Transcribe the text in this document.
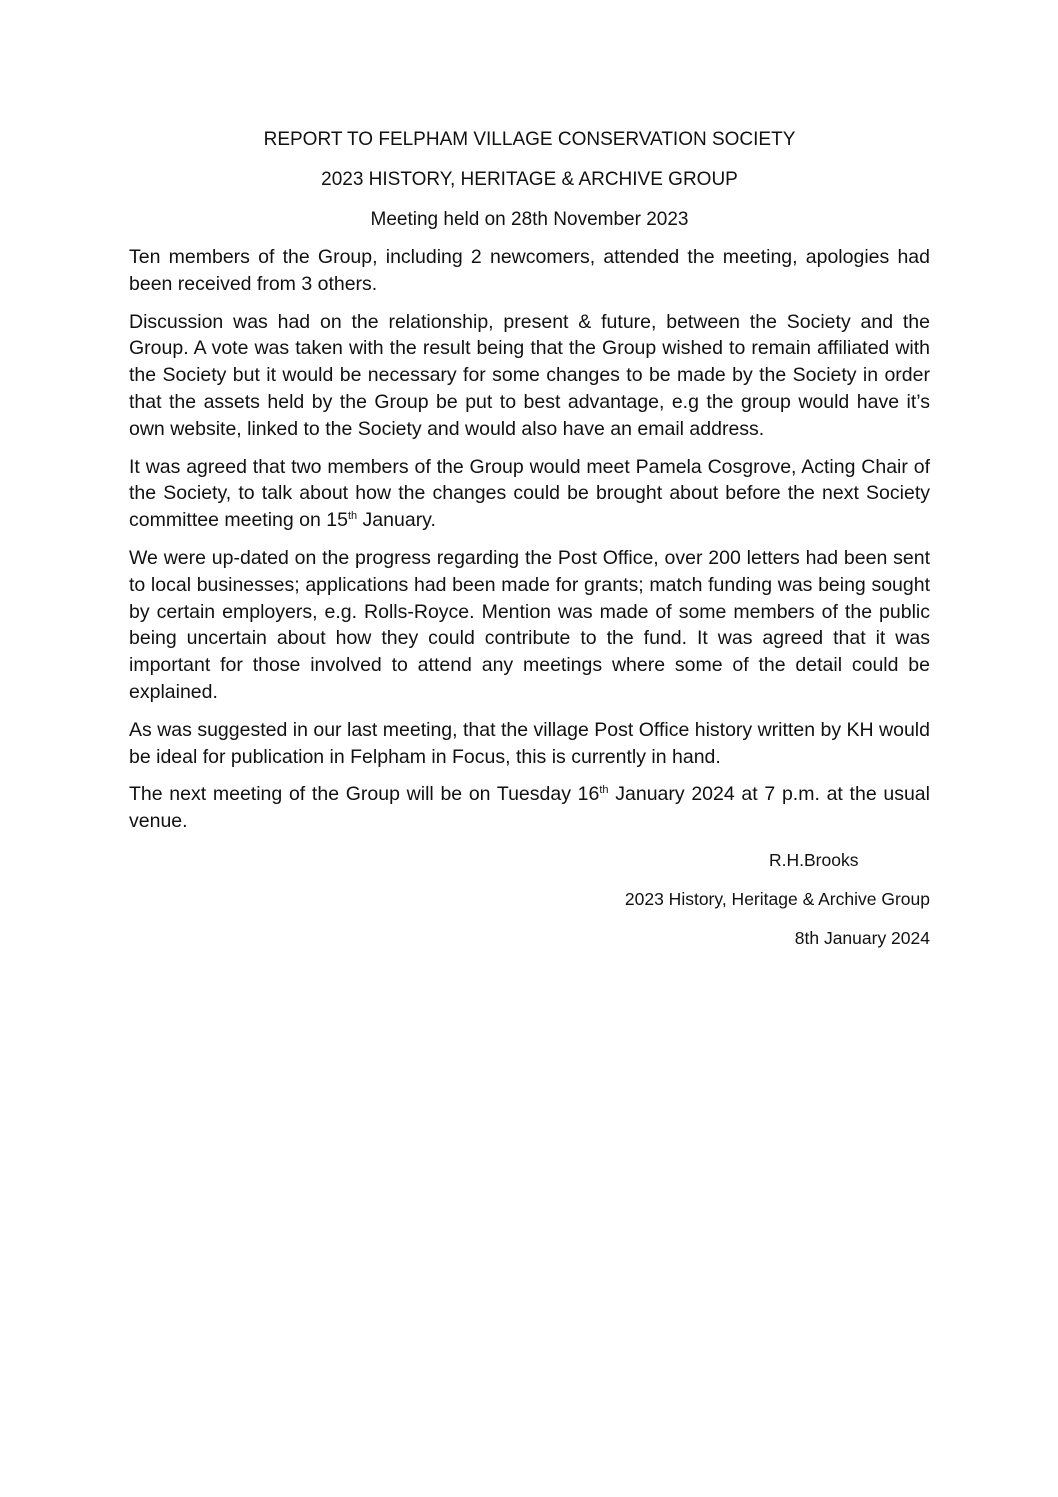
REPORT TO FELPHAM VILLAGE CONSERVATION SOCIETY
2023 HISTORY, HERITAGE & ARCHIVE GROUP
Meeting held on 28th November 2023

Ten members of the Group, including 2 newcomers, attended the meeting, apologies had been received from 3 others.

Discussion was had on the relationship, present & future, between the Society and the Group. A vote was taken with the result being that the Group wished to remain affiliated with the Society but it would be necessary for some changes to be made by the Society in order that the assets held by the Group be put to best advantage, e.g the group would have it’s own website, linked to the Society and would also have an email address.

It was agreed that two members of the Group would meet Pamela Cosgrove, Acting Chair of the Society, to talk about how the changes could be brought about before the next Society committee meeting on 15th January.

We were up-dated on the progress regarding the Post Office, over 200 letters had been sent to local businesses; applications had been made for grants; match funding was being sought by certain employers, e.g. Rolls-Royce. Mention was made of some members of the public being uncertain about how they could contribute to the fund. It was agreed that it was important for those involved to attend any meetings where some of the detail could be explained.

As was suggested in our last meeting, that the village Post Office history written by KH would be ideal for publication in Felpham in Focus, this is currently in hand.

The next meeting of the Group will be on Tuesday 16th January 2024 at 7 p.m. at the usual venue.

R.H.Brooks
2023 History, Heritage & Archive Group
8th January 2024
